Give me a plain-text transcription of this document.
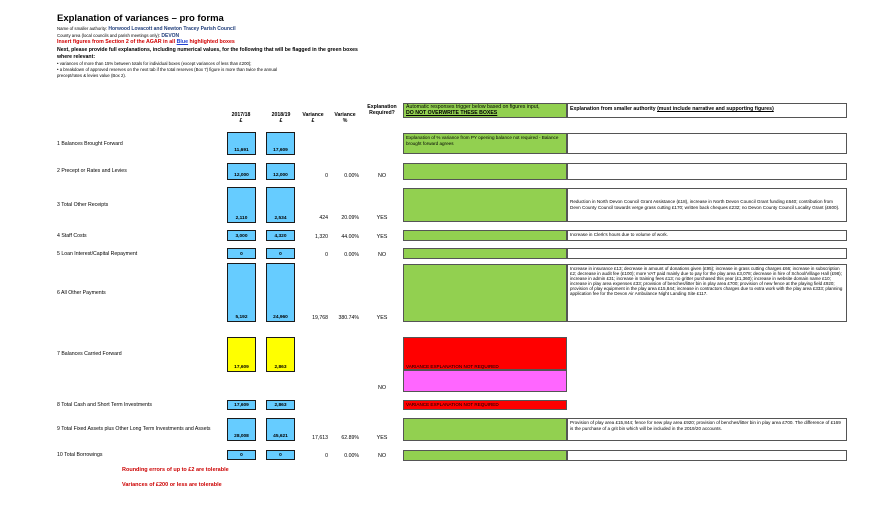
Explanation of variances – pro forma
Name of smaller authority: Horwood Lovacott and Newton Tracey Parish Council
County area (local councils and parish meetings only): DEVON
Insert figures from Section 2 of the AGAR in all Blue highlighted boxes
Next, please provide full explanations, including numerical values, for the following that will be flagged in the green boxes where relevant:
• variances of more than 15% between totals for individual boxes (except variances of less than £200);
• a breakdown of approved reserves on the next tab if the total reserves (Box 7) figure is more than twice the annual
precept/rates & levies value (Box 2).
2017/18
£
2018/19
£
Variance
£
Variance
%
Explanation
Required?
Automatic responses trigger below based on figures input,
DO NOT OVERWRITE THESE BOXES
Explanation from smaller authority (must include narrative and supporting figures)
1 Balances Brought Forward
11,691	17,609
Explanation of % variance from PY opening balance not required - Balance brought forward agrees
2 Precept or Rates and Levies
12,000	12,000	0	0.00%	NO
3 Total Other Receipts
2,110	2,534	424	20.09%	YES
Reduction in North Devon Council Grant Assistance (£18), increase in North Devon Council Grant funding £640; contribution from Devn County Council towards verge grass cutting £170; written back cheques £232; no Devon County Council Locality Grant (£600).
4 Staff Costs	3,000	4,320	1,320	44.00%	YES	Increase in Clerk's hours due to volume of work.
5 Loan Interest/Capital Repayment	0	0	0	0.00%	NO
6 All Other Payments
5,192	24,960	19,768	380.74%	YES
Increase in insurance £13; decrease in amount of donations given (£95); increase in grass cutting charges £66; increase in subscription £2; decrease in audit fee (£100); more VAT paid mainly due to pay for the play area £3,078; decrease in hire of School/Village Hall (£98); increase in admin £31; increase in training fees £13; no gritter purchased this year (£1,360); increase in website domain name £10; increase in play area expenses £33; provision of benches/litter bin in play area £700; provision of new fence at the playing field £920; provision of play equipment in the play area £15,844; increase in contractors charges due to extra work with the play area £333; planning application fee for the Devon Air Ambulance Night Landing Site £117.
7 Balances Carried Forward
17,609	2,863
NO
VARIANCE EXPLANATION NOT REQUIRED
8 Total Cash and Short Term Investments	17,609	2,863	VARIANCE EXPLANATION NOT REQUIRED
9 Total Fixed Assets plus Other Long Term Investments and Assets
28,008	45,621	17,613	62.89%	YES
Provision of play area £15,844; fence for new play area £920; provision of benches/litter bin in play area £700. The difference of £169 is the purchase of a grit bin which will be included in the 2019/20 accounts.
10 Total Borrowings	0	0	0	0.00%	NO
Rounding errors of up to £2 are tolerable
Variances of £200 or less are tolerable
